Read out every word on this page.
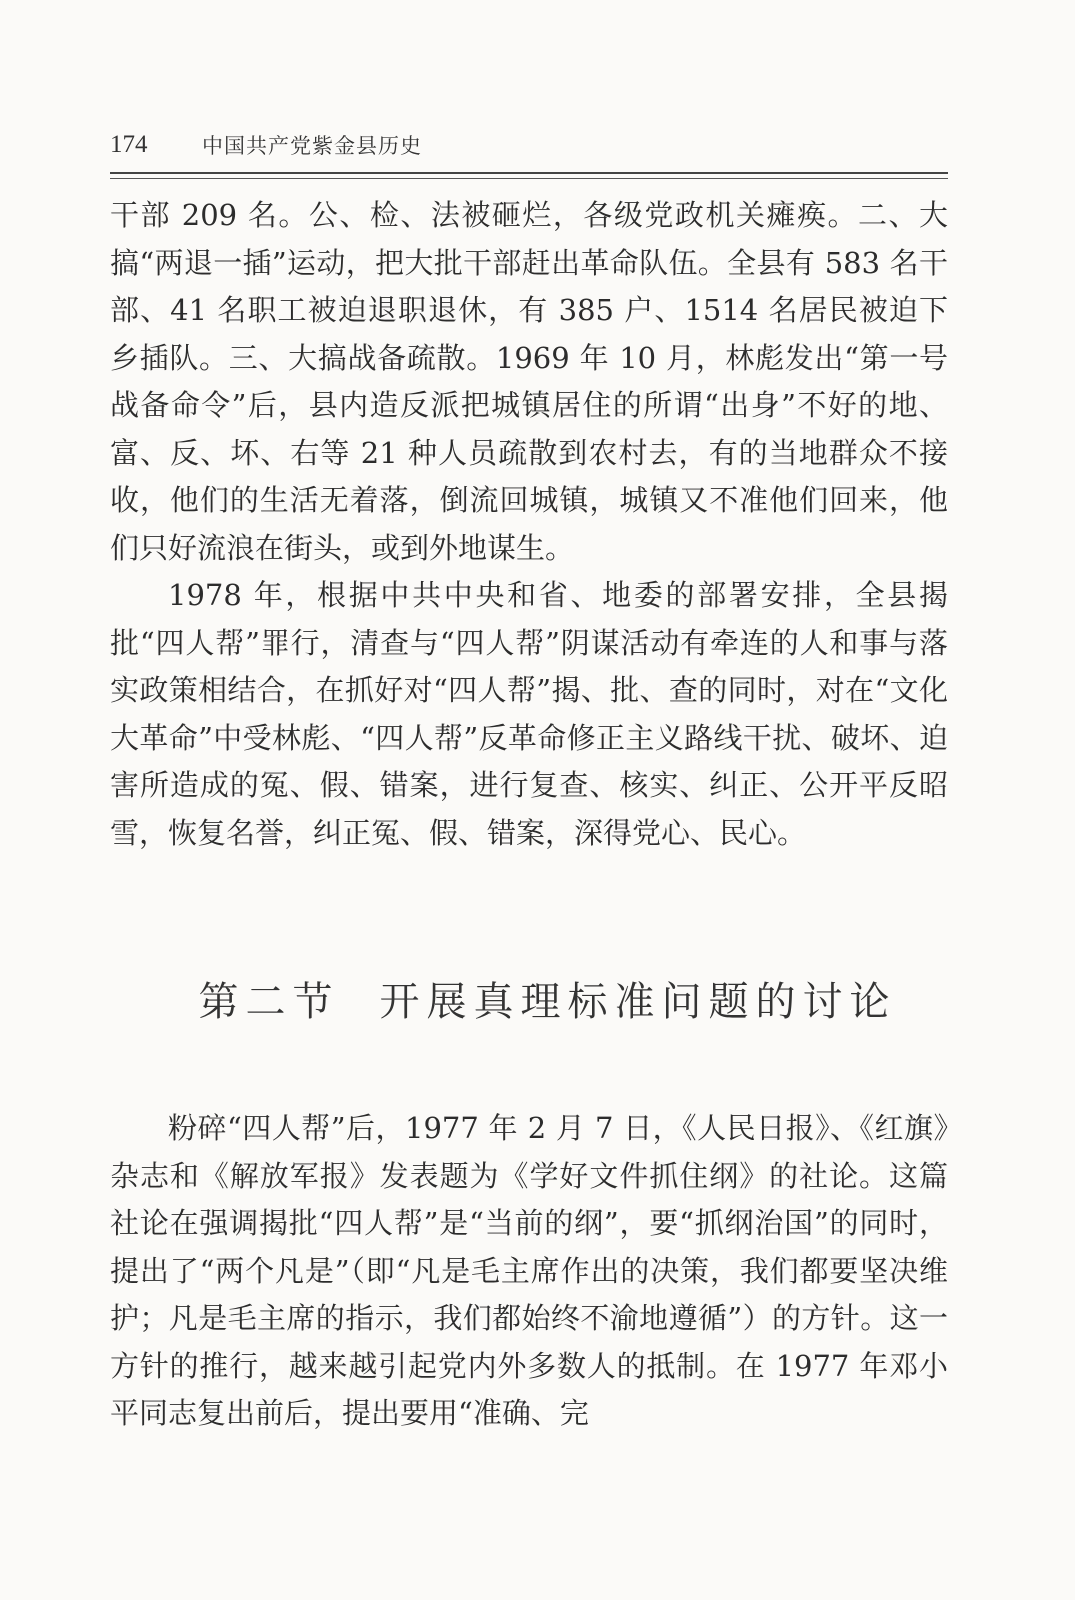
174	中国共产党紫金县历史

干部 209 名。公、检、法被砸烂，各级党政机关瘫痪。二、大搞“两退一插”运动，把大批干部赶出革命队伍。全县有 583 名干部、41 名职工被迫退职退休，有 385 户、1514 名居民被迫下乡插队。三、大搞战备疏散。1969 年 10 月，林彪发出“第一号战备命令”后，县内造反派把城镇居住的所谓“出身”不好的地、富、反、坏、右等 21 种人员疏散到农村去，有的当地群众不接收，他们的生活无着落，倒流回城镇，城镇又不准他们回来，他们只好流浪在街头，或到外地谋生。

1978 年，根据中共中央和省、地委的部署安排，全县揭批“四人帮”罪行，清查与“四人帮”阴谋活动有牵连的人和事与落实政策相结合，在抓好对“四人帮”揭、批、查的同时，对在“文化大革命”中受林彪、“四人帮”反革命修正主义路线干扰、破坏、迫害所造成的冤、假、错案，进行复查、核实、纠正、公开平反昭雪，恢复名誉，纠正冤、假、错案，深得党心、民心。

第二节 开展真理标准问题的讨论

粉碎“四人帮”后，1977 年 2 月 7 日，《人民日报》、《红旗》杂志和《解放军报》发表题为《学好文件抓住纲》的社论。这篇社论在强调揭批“四人帮”是“当前的纲”，要“抓纲治国”的同时，提出了“两个凡是”（即“凡是毛主席作出的决策，我们都要坚决维护；凡是毛主席的指示，我们都始终不渝地遵循”）的方针。这一方针的推行，越来越引起党内外多数人的抵制。在 1977 年邓小平同志复出前后，提出要用“准确、完
